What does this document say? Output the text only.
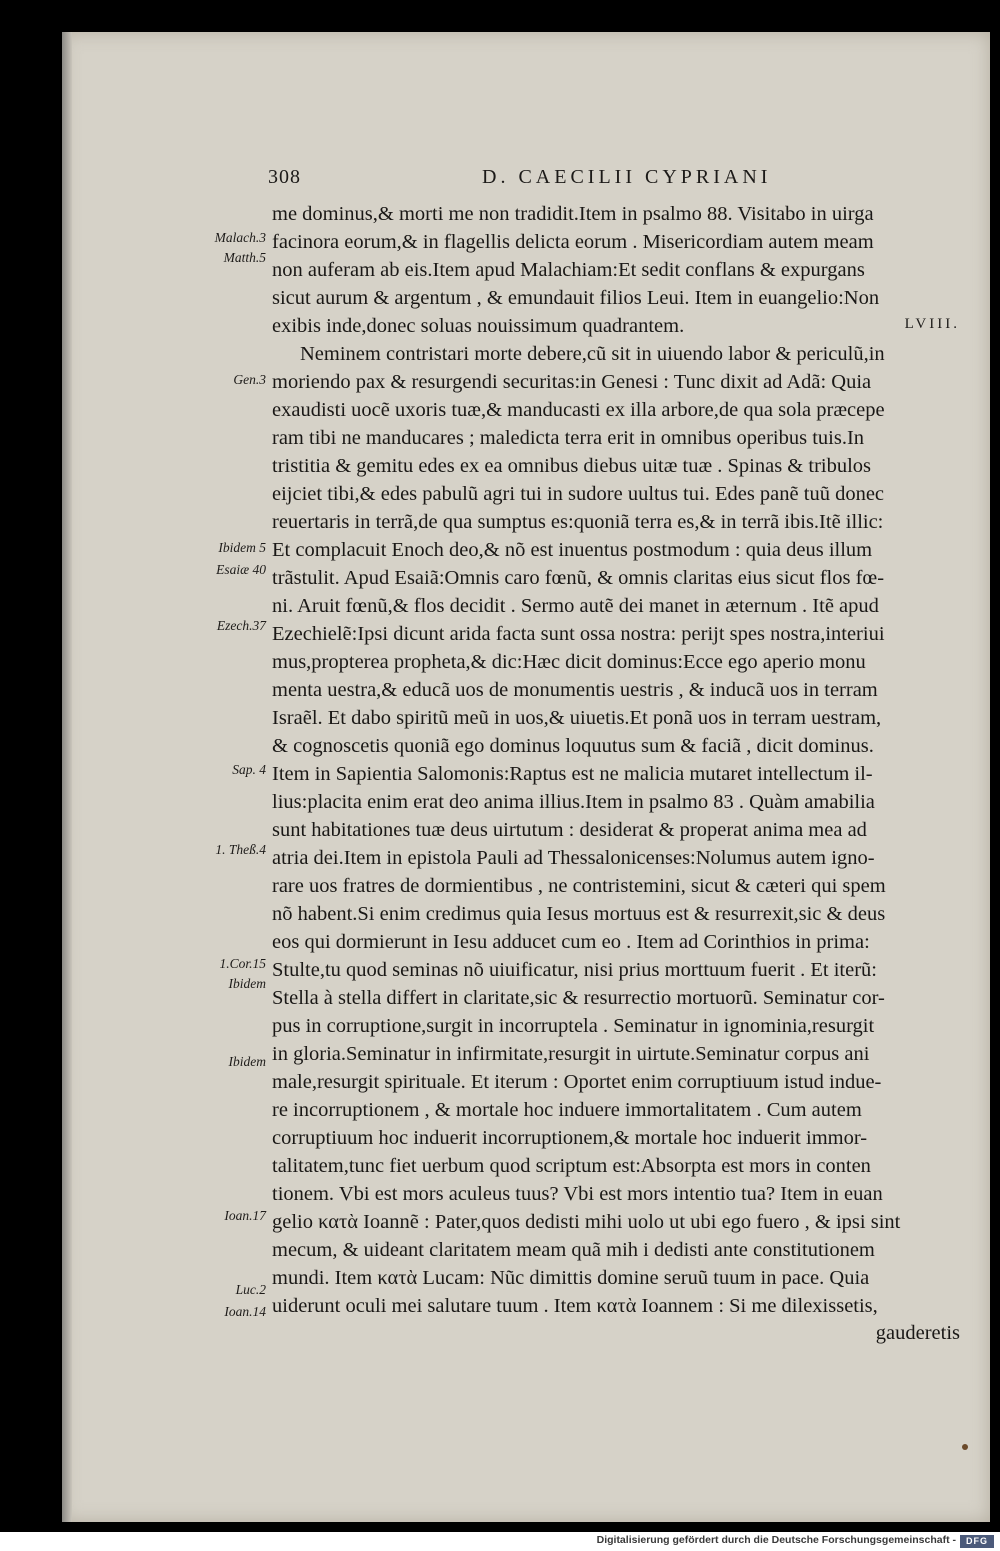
308	D. CAECILII CYPRIANI
me dominus,& morti me non tradidit.Item in psalmo 88. Visitabo in uirga
facinora eorum,& in flagellis delicta eorum . Misericordiam autem meam
non auferam ab eis.Item apud Malachiam:Et sedit conflans & expurgans
sicut aurum & argentum , & emundauit filios Leui. Item in euangelio:Non
exibis inde,donec soluas nouissimum quadrantem.
Neminem contristari morte debere,cũ sit in uiuendo labor & periculũ,in
moriendo pax & resurgendi securitas:in Genesi : Tunc dixit ad Adã: Quia
exaudisti uocẽ uxoris tuæ,& manducasti ex illa arbore,de qua sola præcepe
ram tibi ne manducares ; maledicta terra erit in omnibus operibus tuis.In
tristitia & gemitu edes ex ea omnibus diebus uitæ tuæ . Spinas & tribulos
eijciet tibi,& edes pabulũ agri tui in sudore uultus tui. Edes panẽ tuũ donec
reuertaris in terrã,de qua sumptus es:quoniã terra es,& in terrã ibis.Itẽ illic:
Et complacuit Enoch deo,& nõ est inuentus postmodum : quia deus illum
trãstulit. Apud Esaiã:Omnis caro fœnũ, & omnis claritas eius sicut flos fœ-
ni. Aruit fœnũ,& flos decidit . Sermo autẽ dei manet in æternum . Itẽ apud
Ezechielẽ:Ipsi dicunt arida facta sunt ossa nostra: perijt spes nostra,interiui
mus,propterea propheta,& dic:Hæc dicit dominus:Ecce ego aperio monu
menta uestra,& educã uos de monumentis uestris , & inducã uos in terram
Israẽl. Et dabo spiritũ meũ in uos,& uiuetis.Et ponã uos in terram uestram,
& cognoscetis quoniã ego dominus loquutus sum & faciã , dicit dominus.
Item in Sapientia Salomonis:Raptus est ne malicia mutaret intellectum il-
lius:placita enim erat deo anima illius.Item in psalmo 83 . Quàm amabilia
sunt habitationes tuæ deus uirtutum : desiderat & properat anima mea ad
atria dei.Item in epistola Pauli ad Thessalonicenses:Nolumus autem igno-
rare uos fratres de dormientibus , ne contristemini, sicut & cæteri qui spem
nõ habent.Si enim credimus quia Iesus mortuus est & resurrexit,sic & deus
eos qui dormierunt in Iesu adducet cum eo . Item ad Corinthios in prima:
Stulte,tu quod seminas nõ uiuificatur, nisi prius morttuum fuerit . Et iterũ:
Stella à stella differt in claritate,sic & resurrectio mortuorũ. Seminatur cor-
pus in corruptione,surgit in incorruptela . Seminatur in ignominia,resurgit
in gloria.Seminatur in infirmitate,resurgit in uirtute.Seminatur corpus ani
male,resurgit spirituale. Et iterum : Oportet enim corruptiuum istud indue-
re incorruptionem , & mortale hoc induere immortalitatem . Cum autem
corruptiuum hoc induerit incorruptionem,& mortale hoc induerit immor-
talitatem,tunc fiet uerbum quod scriptum est:Absorpta est mors in conten
tionem. Vbi est mors aculeus tuus? Vbi est mors intentio tua? Item in euan
gelio κατὰ Ioannẽ : Pater,quos dedisti mihi uolo ut ubi ego fuero , & ipsi sint
mecum, & uideant claritatem meam quã mih i dedisti ante constitutionem
mundi. Item κατὰ Lucam: Nũc dimittis domine seruũ tuum in pace. Quia
uiderunt oculi mei salutare tuum . Item κατὰ Ioannem : Si me dilexissetis,
LVIII.
gauderetis
Malach.3
Matth.5
Gen.3
Ibidem 5
Esaiæ 40
Ezech.37
Sap. 4
1. Theß.4
1.Cor.15
Ibidem
Ibidem
Ioan.17
Luc.2
Ioan.14
Digitalisierung gefördert durch die Deutsche Forschungsgemeinschaft -	DFG
